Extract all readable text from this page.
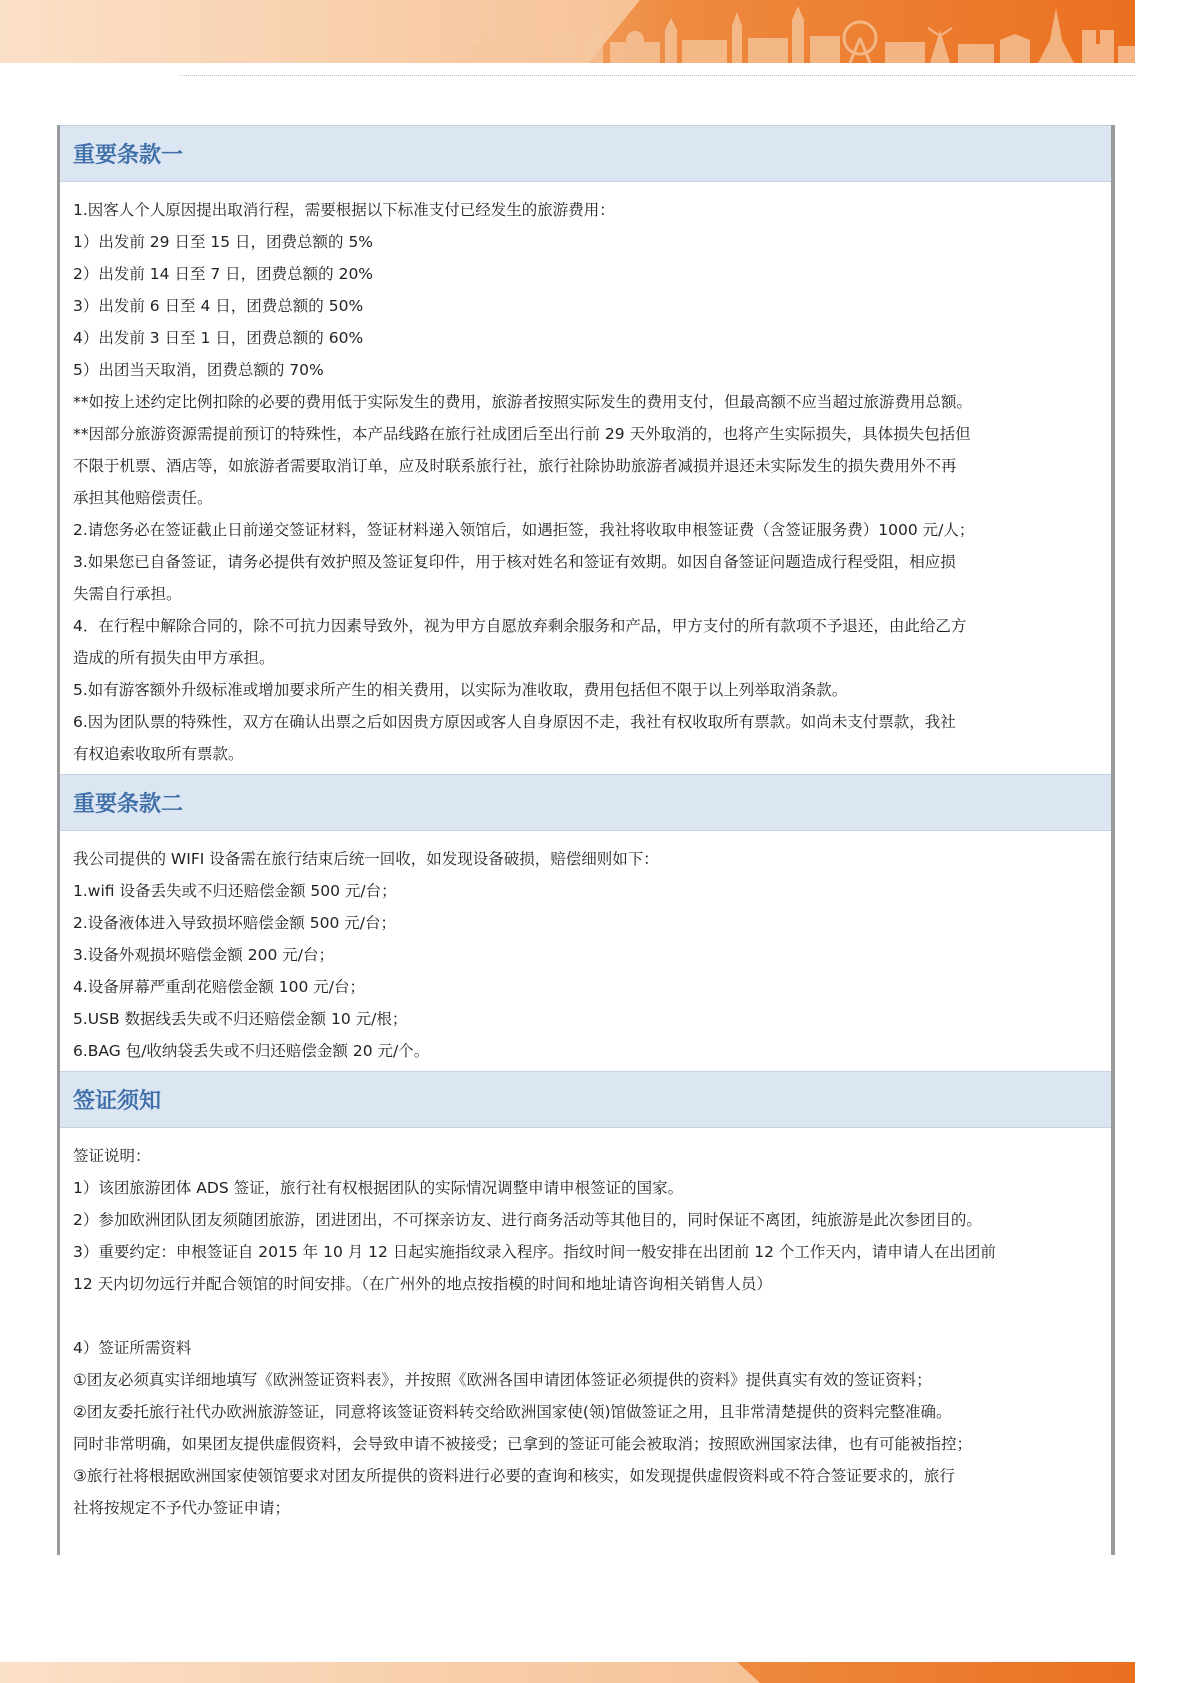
重要条款一
1.因客人个人原因提出取消行程，需要根据以下标准支付已经发生的旅游费用：
1）出发前 29 日至 15 日，团费总额的 5%
2）出发前 14 日至 7 日，团费总额的 20%
3）出发前 6 日至 4 日，团费总额的 50%
4）出发前 3 日至 1 日，团费总额的 60%
5）出团当天取消，团费总额的 70%
**如按上述约定比例扣除的必要的费用低于实际发生的费用，旅游者按照实际发生的费用支付，但最高额不应当超过旅游费用总额。
**因部分旅游资源需提前预订的特殊性，本产品线路在旅行社成团后至出行前 29 天外取消的，也将产生实际损失，具体损失包括但
不限于机票、酒店等，如旅游者需要取消订单，应及时联系旅行社，旅行社除协助旅游者减损并退还未实际发生的损失费用外不再
承担其他赔偿责任。
2.请您务必在签证截止日前递交签证材料，签证材料递入领馆后，如遇拒签，我社将收取申根签证费（含签证服务费）1000 元/人；
3.如果您已自备签证，请务必提供有效护照及签证复印件，用于核对姓名和签证有效期。如因自备签证问题造成行程受阻，相应损
失需自行承担。
4．在行程中解除合同的，除不可抗力因素导致外，视为甲方自愿放弃剩余服务和产品，甲方支付的所有款项不予退还，由此给乙方
造成的所有损失由甲方承担。
5.如有游客额外升级标准或增加要求所产生的相关费用，以实际为准收取，费用包括但不限于以上列举取消条款。
6.因为团队票的特殊性，双方在确认出票之后如因贵方原因或客人自身原因不走，我社有权收取所有票款。如尚未支付票款，我社
有权追索收取所有票款。
重要条款二
我公司提供的 WIFI 设备需在旅行结束后统一回收，如发现设备破损，赔偿细则如下：
1.wifi 设备丢失或不归还赔偿金额 500 元/台；
2.设备液体进入导致损坏赔偿金额 500 元/台；
3.设备外观损坏赔偿金额 200 元/台；
4.设备屏幕严重刮花赔偿金额 100 元/台；
5.USB 数据线丢失或不归还赔偿金额 10 元/根；
6.BAG 包/收纳袋丢失或不归还赔偿金额 20 元/个。
签证须知
签证说明：
1）该团旅游团体 ADS 签证，旅行社有权根据团队的实际情况调整申请申根签证的国家。
2）参加欧洲团队团友须随团旅游，团进团出，不可探亲访友、进行商务活动等其他目的，同时保证不离团，纯旅游是此次参团目的。
3）重要约定：申根签证自 2015 年 10 月 12 日起实施指纹录入程序。指纹时间一般安排在出团前 12 个工作天内，请申请人在出团前
12 天内切勿远行并配合领馆的时间安排。（在广州外的地点按指模的时间和地址请咨询相关销售人员）
4）签证所需资料
①团友必须真实详细地填写《欧洲签证资料表》，并按照《欧洲各国申请团体签证必须提供的资料》提供真实有效的签证资料；
②团友委托旅行社代办欧洲旅游签证，同意将该签证资料转交给欧洲国家使(领)馆做签证之用，且非常清楚提供的资料完整准确。
同时非常明确，如果团友提供虚假资料，会导致申请不被接受；已拿到的签证可能会被取消；按照欧洲国家法律，也有可能被指控；
③旅行社将根据欧洲国家使领馆要求对团友所提供的资料进行必要的查询和核实，如发现提供虚假资料或不符合签证要求的，旅行
社将按规定不予代办签证申请；
